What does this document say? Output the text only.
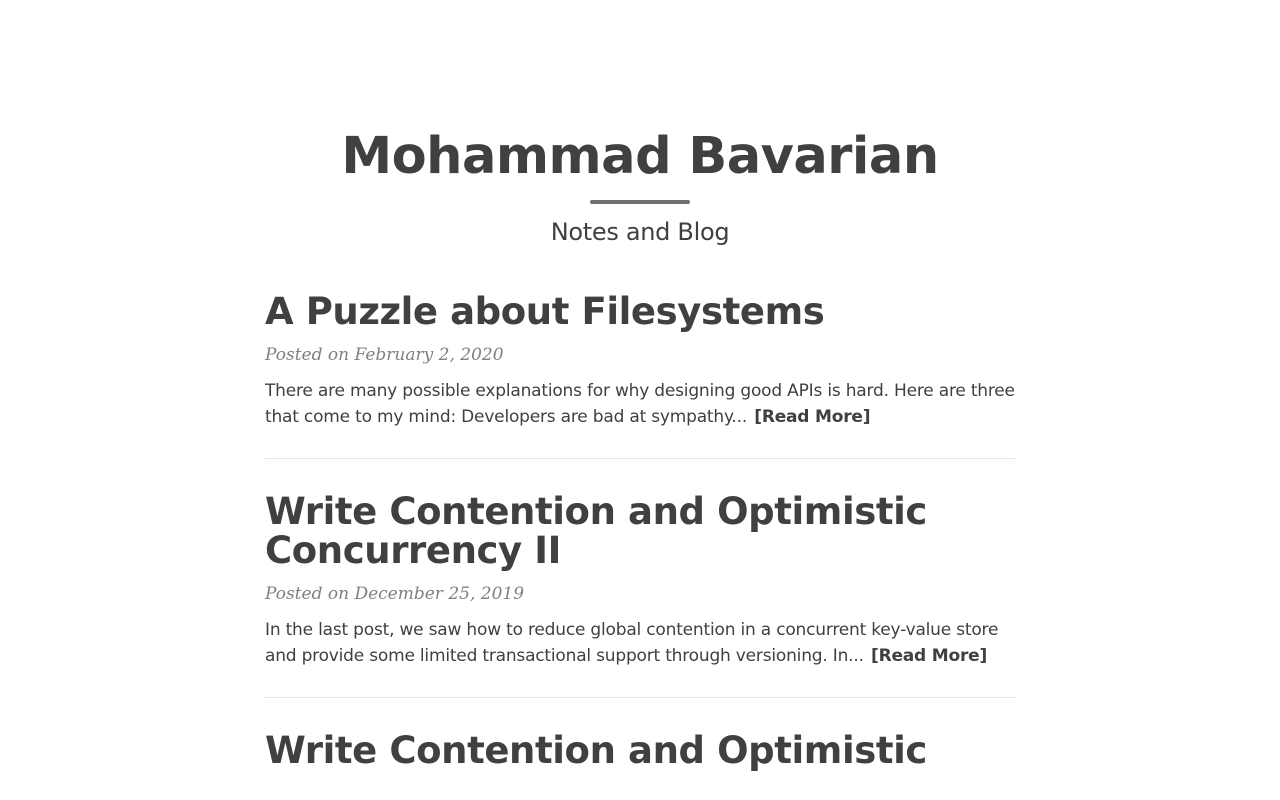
Mohammad Bavarian
Notes and Blog
A Puzzle about Filesystems

Posted on February 2, 2020

There are many possible explanations for why designing good APIs is hard. Here are three that come to my mind: Developers are bad at sympathy... [Read More]

Write Contention and Optimistic Concurrency II

Posted on December 25, 2019

In the last post, we saw how to reduce global contention in a concurrent key-value store and provide some limited transactional support through versioning. In... [Read More]

Write Contention and Optimistic
